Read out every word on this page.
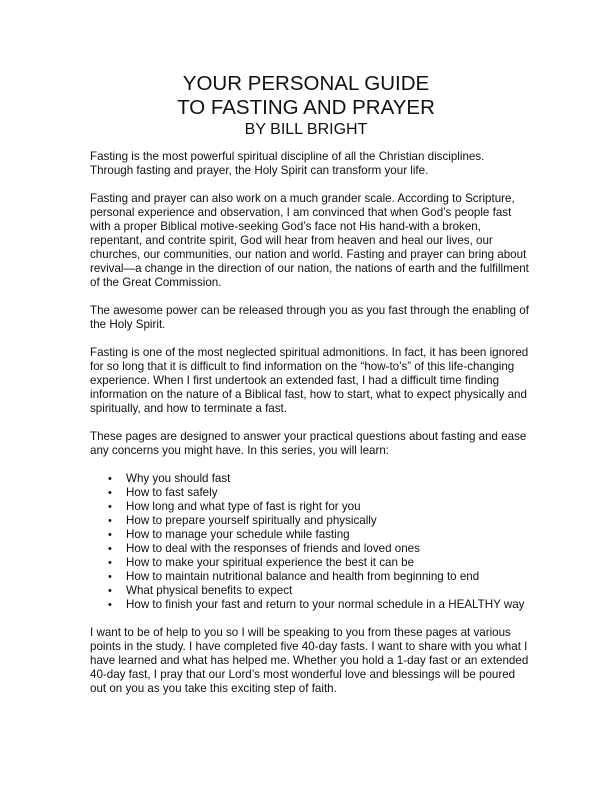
YOUR PERSONAL GUIDE
TO FASTING AND PRAYER
BY BILL BRIGHT

Fasting is the most powerful spiritual discipline of all the Christian disciplines. Through fasting and prayer, the Holy Spirit can transform your life.

Fasting and prayer can also work on a much grander scale. According to Scripture, personal experience and observation, I am convinced that when God’s people fast with a proper Biblical motive-seeking God’s face not His hand-with a broken, repentant, and contrite spirit, God will hear from heaven and heal our lives, our churches, our communities, our nation and world. Fasting and prayer can bring about revival—a change in the direction of our nation, the nations of earth and the fulfillment of the Great Commission.

The awesome power can be released through you as you fast through the enabling of the Holy Spirit.

Fasting is one of the most neglected spiritual admonitions. In fact, it has been ignored for so long that it is difficult to find information on the “how-to’s” of this life-changing experience. When I first undertook an extended fast, I had a difficult time finding information on the nature of a Biblical fast, how to start, what to expect physically and spiritually, and how to terminate a fast.

These pages are designed to answer your practical questions about fasting and ease any concerns you might have. In this series, you will learn:

• Why you should fast
• How to fast safely
• How long and what type of fast is right for you
• How to prepare yourself spiritually and physically
• How to manage your schedule while fasting
• How to deal with the responses of friends and loved ones
• How to make your spiritual experience the best it can be
• How to maintain nutritional balance and health from beginning to end
• What physical benefits to expect
• How to finish your fast and return to your normal schedule in a HEALTHY way

I want to be of help to you so I will be speaking to you from these pages at various points in the study. I have completed five 40-day fasts. I want to share with you what I have learned and what has helped me. Whether you hold a 1-day fast or an extended 40-day fast, I pray that our Lord’s most wonderful love and blessings will be poured out on you as you take this exciting step of faith.
